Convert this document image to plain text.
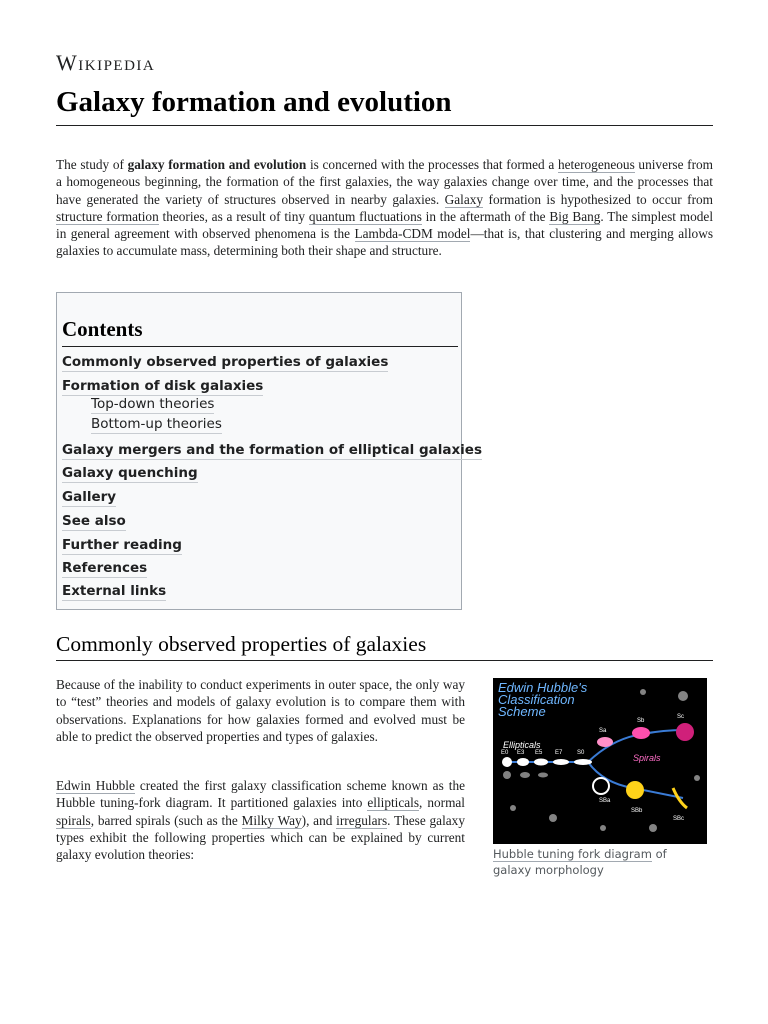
Wikipedia
Galaxy formation and evolution

The study of galaxy formation and evolution is concerned with the processes that formed a heterogeneous universe from a homogeneous beginning, the formation of the first galaxies, the way galaxies change over time, and the processes that have generated the variety of structures observed in nearby galaxies. Galaxy formation is hypothesized to occur from structure formation theories, as a result of tiny quantum fluctuations in the aftermath of the Big Bang. The simplest model in general agreement with observed phenomena is the Lambda-CDM model—that is, that clustering and merging allows galaxies to accumulate mass, determining both their shape and structure.

Contents
Commonly observed properties of galaxies
Formation of disk galaxies
Top-down theories
Bottom-up theories
Galaxy mergers and the formation of elliptical galaxies
Galaxy quenching
Gallery
See also
Further reading
References
External links
Commonly observed properties of galaxies

Because of the inability to conduct experiments in outer space, the only way to “test” theories and models of galaxy evolution is to compare them with observations. Explanations for how galaxies formed and evolved must be able to predict the observed properties and types of galaxies.

Edwin Hubble created the first galaxy classification scheme known as the Hubble tuning-fork diagram. It partitioned galaxies into ellipticals, normal spirals, barred spirals (such as the Milky Way), and irregulars. These galaxy types exhibit the following properties which can be explained by current galaxy evolution theories:

Edwin Hubble's
Classification
Scheme
Ellipticals
Spirals
E0 E3 E5 E7 S0
Sa
Sb
Sc
SBa
SBb
SBc
Hubble tuning fork diagram of galaxy morphology
